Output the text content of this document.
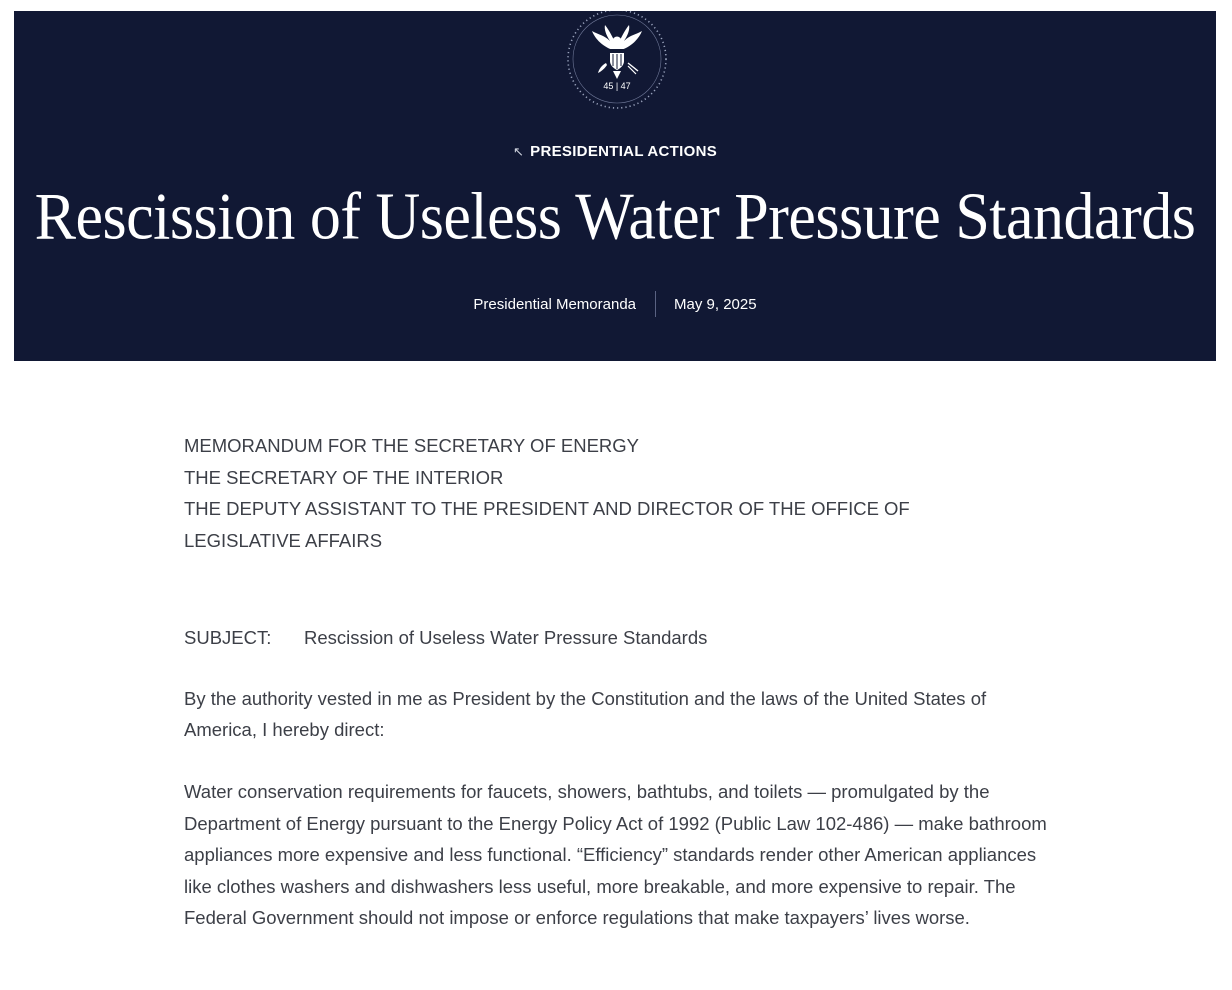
45 | 47
↖ PRESIDENTIAL ACTIONS
Rescission of Useless Water Pressure Standards
Presidential Memoranda	May 9, 2025
MEMORANDUM FOR THE SECRETARY OF ENERGY
THE SECRETARY OF THE INTERIOR
THE DEPUTY ASSISTANT TO THE PRESIDENT AND DIRECTOR OF THE OFFICE OF
LEGISLATIVE AFFAIRS
SUBJECT: Rescission of Useless Water Pressure Standards

By the authority vested in me as President by the Constitution and the laws of the United States of America, I hereby direct:

Water conservation requirements for faucets, showers, bathtubs, and toilets — promulgated by the Department of Energy pursuant to the Energy Policy Act of 1992 (Public Law 102-486) — make bathroom appliances more expensive and less functional. “Efficiency” standards render other American appliances like clothes washers and dishwashers less useful, more breakable, and more expensive to repair. The Federal Government should not impose or enforce regulations that make taxpayers’ lives worse.
